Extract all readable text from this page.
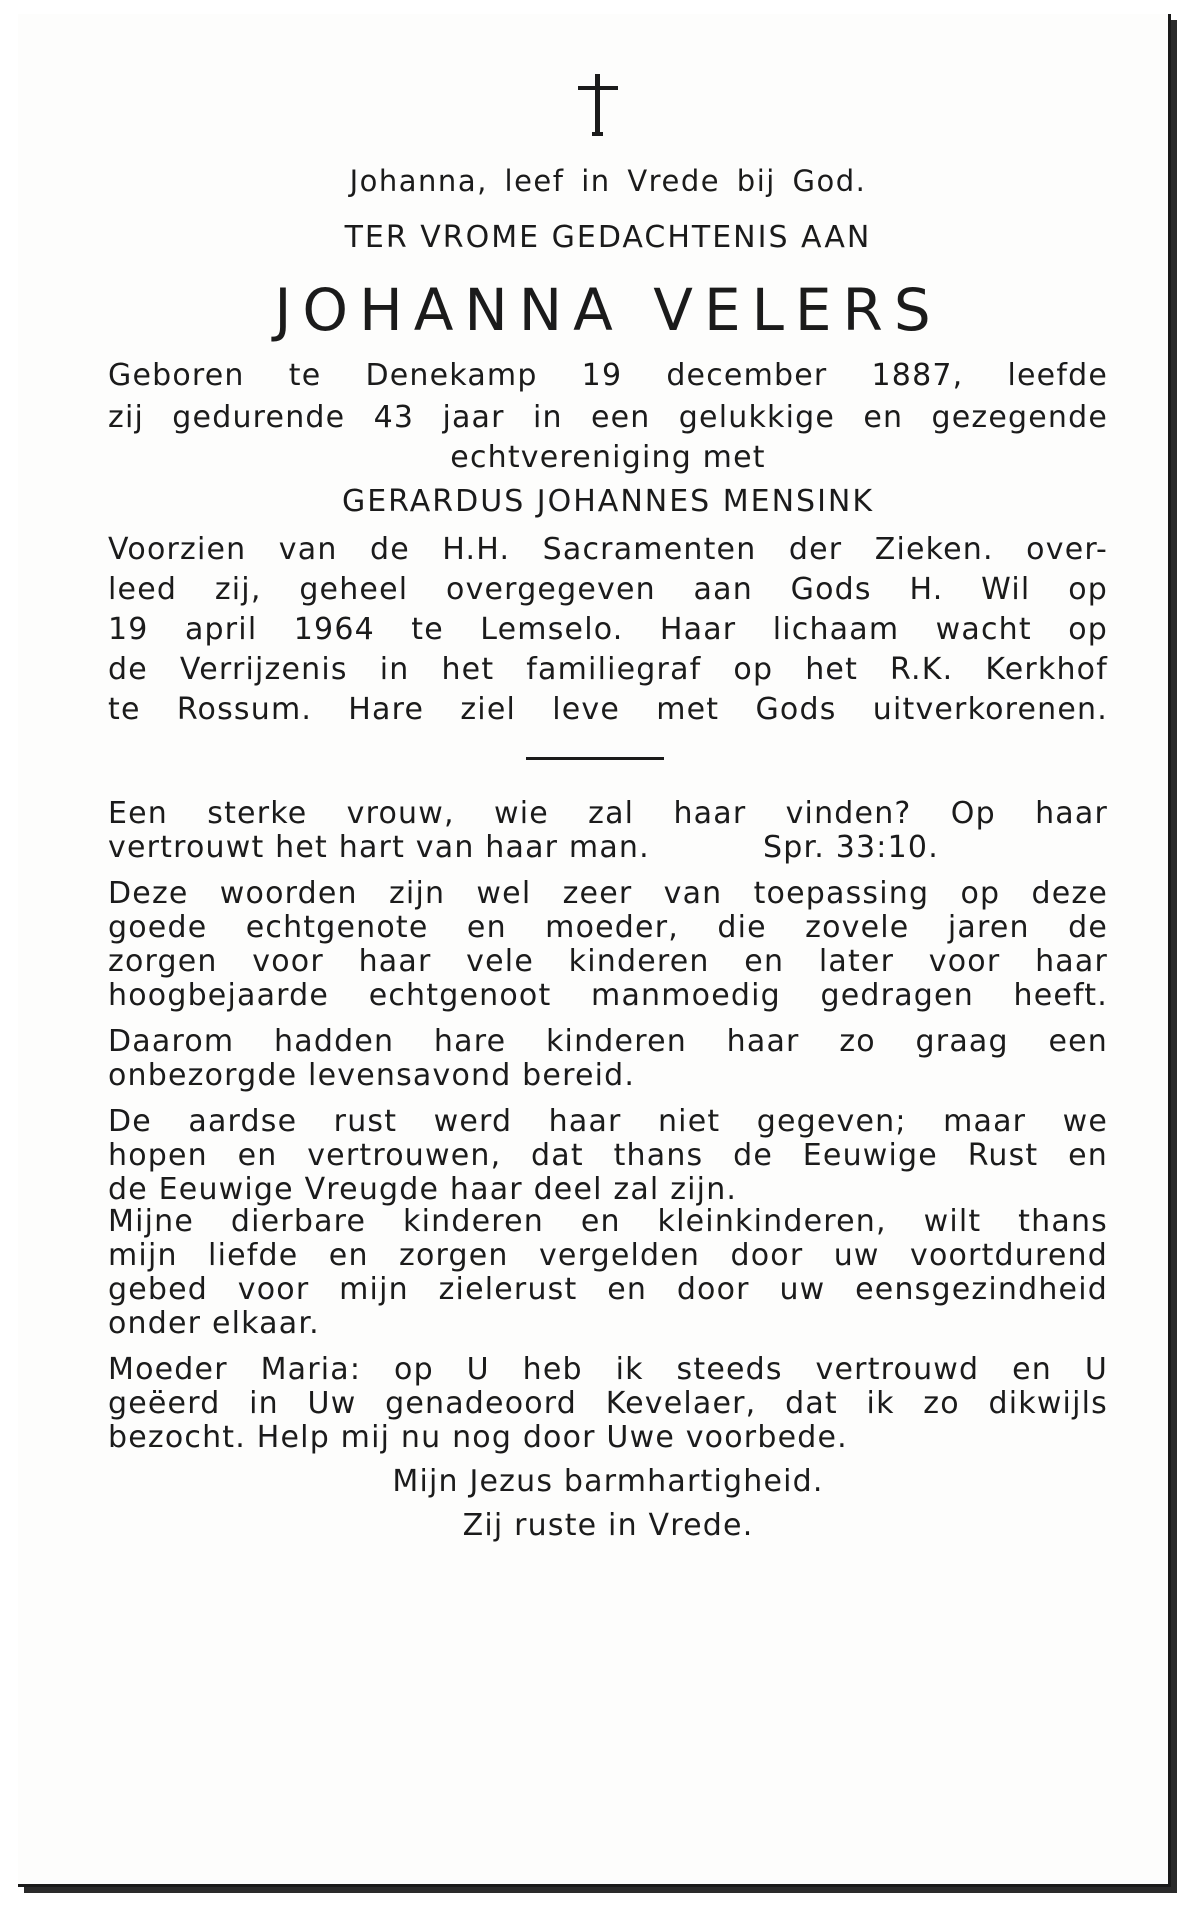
Johanna, leef in Vrede bij God.
TER VROME GEDACHTENIS AAN
JOHANNA VELERS
Geboren te Denekamp 19 december 1887, leefde
zij gedurende 43 jaar in een gelukkige en gezegende
echtvereniging met
GERARDUS JOHANNES MENSINK
Voorzien van de H.H. Sacramenten der Zieken. over-
leed zij, geheel overgegeven aan Gods H. Wil op
19 april 1964 te Lemselo. Haar lichaam wacht op
de Verrijzenis in het familiegraf op het R.K. Kerkhof
te Rossum. Hare ziel leve met Gods uitverkorenen.
Een sterke vrouw, wie zal haar vinden? Op haar
vertrouwt het hart van haar man.	Spr. 33:10.
Deze woorden zijn wel zeer van toepassing op deze
goede echtgenote en moeder, die zovele jaren de
zorgen voor haar vele kinderen en later voor haar
hoogbejaarde echtgenoot manmoedig gedragen heeft.
Daarom hadden hare kinderen haar zo graag een
onbezorgde levensavond bereid.
De aardse rust werd haar niet gegeven; maar we
hopen en vertrouwen, dat thans de Eeuwige Rust en
de Eeuwige Vreugde haar deel zal zijn.
Mijne dierbare kinderen en kleinkinderen, wilt thans
mijn liefde en zorgen vergelden door uw voortdurend
gebed voor mijn zielerust en door uw eensgezindheid
onder elkaar.
Moeder Maria: op U heb ik steeds vertrouwd en U
geëerd in Uw genadeoord Kevelaer, dat ik zo dikwijls
bezocht. Help mij nu nog door Uwe voorbede.
Mijn Jezus barmhartigheid.
Zij ruste in Vrede.
